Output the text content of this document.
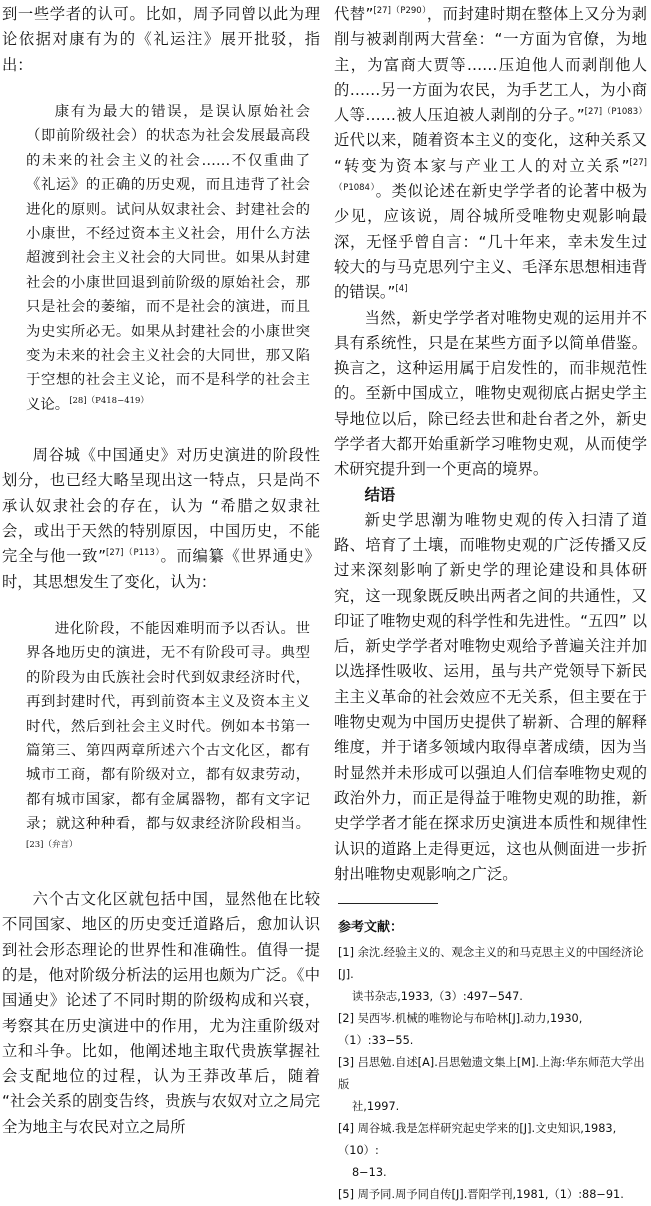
到一些学者的认可。比如，周予同曾以此为理论依据对康有为的《礼运注》展开批驳，指出：

康有为最大的错误，是误认原始社会（即前阶级社会）的状态为社会发展最高段的未来的社会主义的社会……不仅重曲了《礼运》的正确的历史观，而且违背了社会进化的原则。试问从奴隶社会、封建社会的小康世，不经过资本主义社会，用什么方法超渡到社会主义社会的大同世。如果从封建社会的小康世回退到前阶级的原始社会，那只是社会的萎缩，而不是社会的演进，而且为史实所必无。如果从封建社会的小康世突变为未来的社会主义社会的大同世，那又陷于空想的社会主义论，而不是科学的社会主义论。$^{[28](P418-419)}$

周谷城《中国通史》对历史演进的阶段性划分，也已经大略呈现出这一特点，只是尚不承认奴隶社会的存在，认为 “希腊之奴隶社会，或出于天然的特别原因，中国历史，不能完全与他一致”$^{[27](P113)}$。而编纂《世界通史》时，其思想发生了变化，认为：

进化阶段，不能因难明而予以否认。世界各地历史的演进，无不有阶段可寻。典型的阶段为由氏族社会时代到奴隶经济时代，再到封建时代，再到前资本主义及资本主义时代，然后到社会主义时代。例如本书第一篇第三、第四两章所述六个古文化区，都有城市工商，都有阶级对立，都有奴隶劳动，都有城市国家，都有金属器物，都有文字记录；就这种种看，都与奴隶经济阶段相当。$^{[23](弁言)}$

六个古文化区就包括中国，显然他在比较不同国家、地区的历史变迁道路后，愈加认识到社会形态理论的世界性和准确性。值得一提的是，他对阶级分析法的运用也颇为广泛。《中国通史》论述了不同时期的阶级构成和兴衰，考察其在历史演进中的作用，尤为注重阶级对立和斗争。比如，他阐述地主取代贵族掌握社会支配地位的过程，认为王莽改革后，随着 “社会关系的剧变告终，贵族与农奴对立之局完全为地主与农民对立之局所

代替”$^{[27](P290)}$，而封建时期在整体上又分为剥削与被剥削两大营垒：“一方面为官僚，为地主，为富商大贾等……压迫他人而剥削他人的……另一方面为农民，为手艺工人，为小商人等……被人压迫被人剥削的分子。”$^{[27](P1083)}$近代以来，随着资本主义的变化，这种关系又 “转变为资本家与产业工人的对立关系”$^{[27](P1084)}$。类似论述在新史学学者的论著中极为少见，应该说，周谷城所受唯物史观影响最深，无怪乎曾自言：“几十年来，幸未发生过较大的与马克思列宁主义、毛泽东思想相违背的错误。”[4]

当然，新史学学者对唯物史观的运用并不具有系统性，只是在某些方面予以简单借鉴。换言之，这种运用属于启发性的，而非规范性的。至新中国成立，唯物史观彻底占据史学主导地位以后，除已经去世和赴台者之外，新史学学者大都开始重新学习唯物史观，从而使学术研究提升到一个更高的境界。

结语

新史学思潮为唯物史观的传入扫清了道路、培育了土壤，而唯物史观的广泛传播又反过来深刻影响了新史学的理论建设和具体研究，这一现象既反映出两者之间的共通性，又印证了唯物史观的科学性和先进性。“五四” 以后，新史学学者对唯物史观给予普遍关注并加以选择性吸收、运用，虽与共产党领导下新民主主义革命的社会效应不无关系，但主要在于唯物史观为中国历史提供了崭新、合理的解释维度，并于诸多领域内取得卓著成绩，因为当时显然并未形成可以强迫人们信奉唯物史观的政治外力，而正是得益于唯物史观的助推，新史学学者才能在探求历史演进本质性和规律性认识的道路上走得更远，这也从侧面进一步折射出唯物史观影响之广泛。

参考文献：

[1] 余沈.经验主义的、观念主义的和马克思主义的中国经济论[J].
读书杂志,1933,（3）:497−547.

[2] 吴西岑.机械的唯物论与布哈林[J].动力,1930,（1）:33−55.

[3] 吕思勉.自述[A].吕思勉遗文集上[M].上海:华东师范大学出版
社,1997.

[4] 周谷城.我是怎样研究起史学来的[J].文史知识,1983,（10）:
8−13.

[5] 周予同.周予同自传[J].晋阳学刊,1981,（1）:88−91.
